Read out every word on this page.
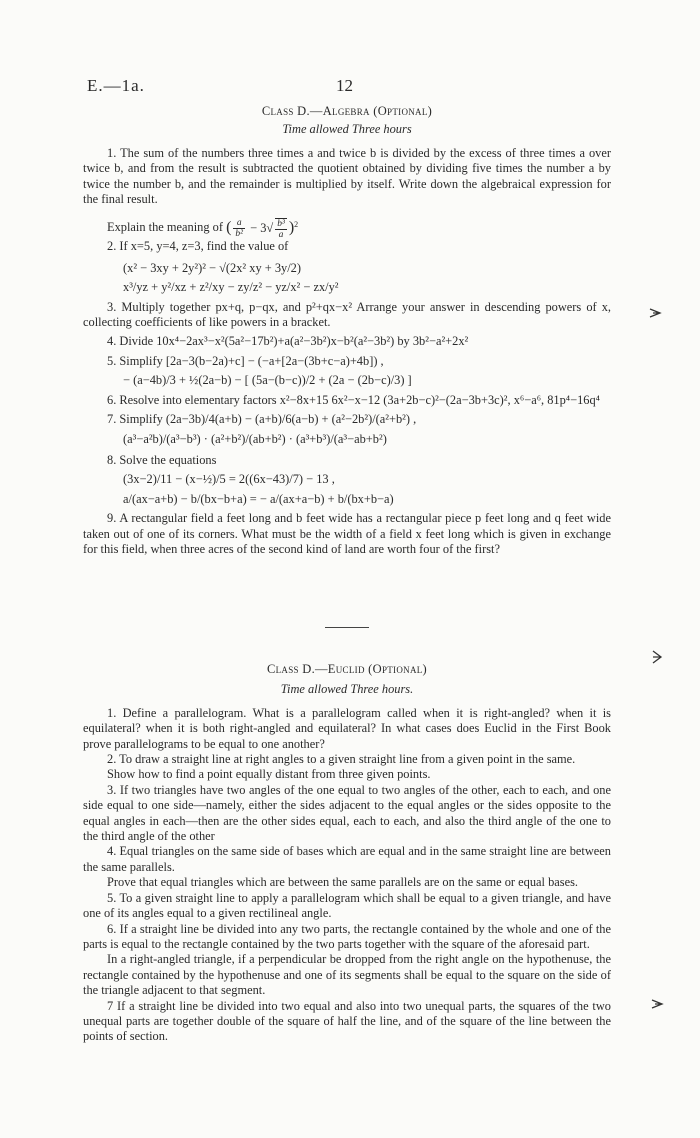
E.—1a.	12
Class D.—Algebra (Optional)
Time allowed Three hours

1. The sum of the numbers three times a and twice b is divided by the excess of three times a over twice b, and from the result is subtracted the quotient obtained by dividing five times the number a by twice the number b, and the remainder is multiplied by itself. Write down the algebraical expression for the final result.

Explain the meaning of ( $\frac{a}{\text{b²}} - 3√ \frac{\text{b³}}{a} )^2$
2. If x=5, y=4, z=3, find the value of
(x² − 3xy + 2y²)² − √(2x² xy + 3y/2)
x³/yz + y²/xz + z²/xy − zy/z² − yz/x² − zx/y²

3. Multiply together px+q, p−qx, and p²+qx−x² Arrange your answer in descending powers of x, collecting coefficients of like powers in a bracket.

4. Divide 10x⁴−2ax³−x²(5a²−17b²)+a(a²−3b²)x−b²(a²−3b²) by 3b²−a²+2x²
5. Simplify [2a−3(b−2a)+c] − (−a+[2a−(3b+c−a)+4b]) ,
− (a−4b)/3 + ½(2a−b) − [ (5a−(b−c))/2 + (2a − (2b−c)/3) ]

6. Resolve into elementary factors x²−8x+15 6x²−x−12 (3a+2b−c)²−(2a−3b+3c)², x⁶−a⁶, 81p⁴−16q⁴

7. Simplify (2a−3b)/4(a+b) − (a+b)/6(a−b) + (a²−2b²)/(a²+b²) ,
(a³−a²b)/(a³−b³) · (a²+b²)/(ab+b²) · (a³+b³)/(a³−ab+b²)
8. Solve the equations
(3x−2)/11 − (x−½)/5 = 2((6x−43)/7) − 13 ,
a/(ax−a+b) − b/(bx−b+a) = − a/(ax+a−b) + b/(bx+b−a)

9. A rectangular field a feet long and b feet wide has a rectangular piece p feet long and q feet wide taken out of one of its corners. What must be the width of a field x feet long which is given in exchange for this field, when three acres of the second kind of land are worth four of the first?

Class D.—Euclid (Optional)
Time allowed Three hours.

1. Define a parallelogram. What is a parallelogram called when it is right-angled? when it is equilateral? when it is both right-angled and equilateral? In what cases does Euclid in the First Book prove parallelograms to be equal to one another?

2. To draw a straight line at right angles to a given straight line from a given point in the same.

Show how to find a point equally distant from three given points.

3. If two triangles have two angles of the one equal to two angles of the other, each to each, and one side equal to one side—namely, either the sides adjacent to the equal angles or the sides opposite to the equal angles in each—then are the other sides equal, each to each, and also the third angle of the one to the third angle of the other

4. Equal triangles on the same side of bases which are equal and in the same straight line are between the same parallels.

Prove that equal triangles which are between the same parallels are on the same or equal bases.

5. To a given straight line to apply a parallelogram which shall be equal to a given triangle, and have one of its angles equal to a given rectilineal angle.

6. If a straight line be divided into any two parts, the rectangle contained by the whole and one of the parts is equal to the rectangle contained by the two parts together with the square of the aforesaid part.

In a right-angled triangle, if a perpendicular be dropped from the right angle on the hypothenuse, the rectangle contained by the hypothenuse and one of its segments shall be equal to the square on the side of the triangle adjacent to that segment.

7 If a straight line be divided into two equal and also into two unequal parts, the squares of the two unequal parts are together double of the square of half the line, and of the square of the line between the points of section.
